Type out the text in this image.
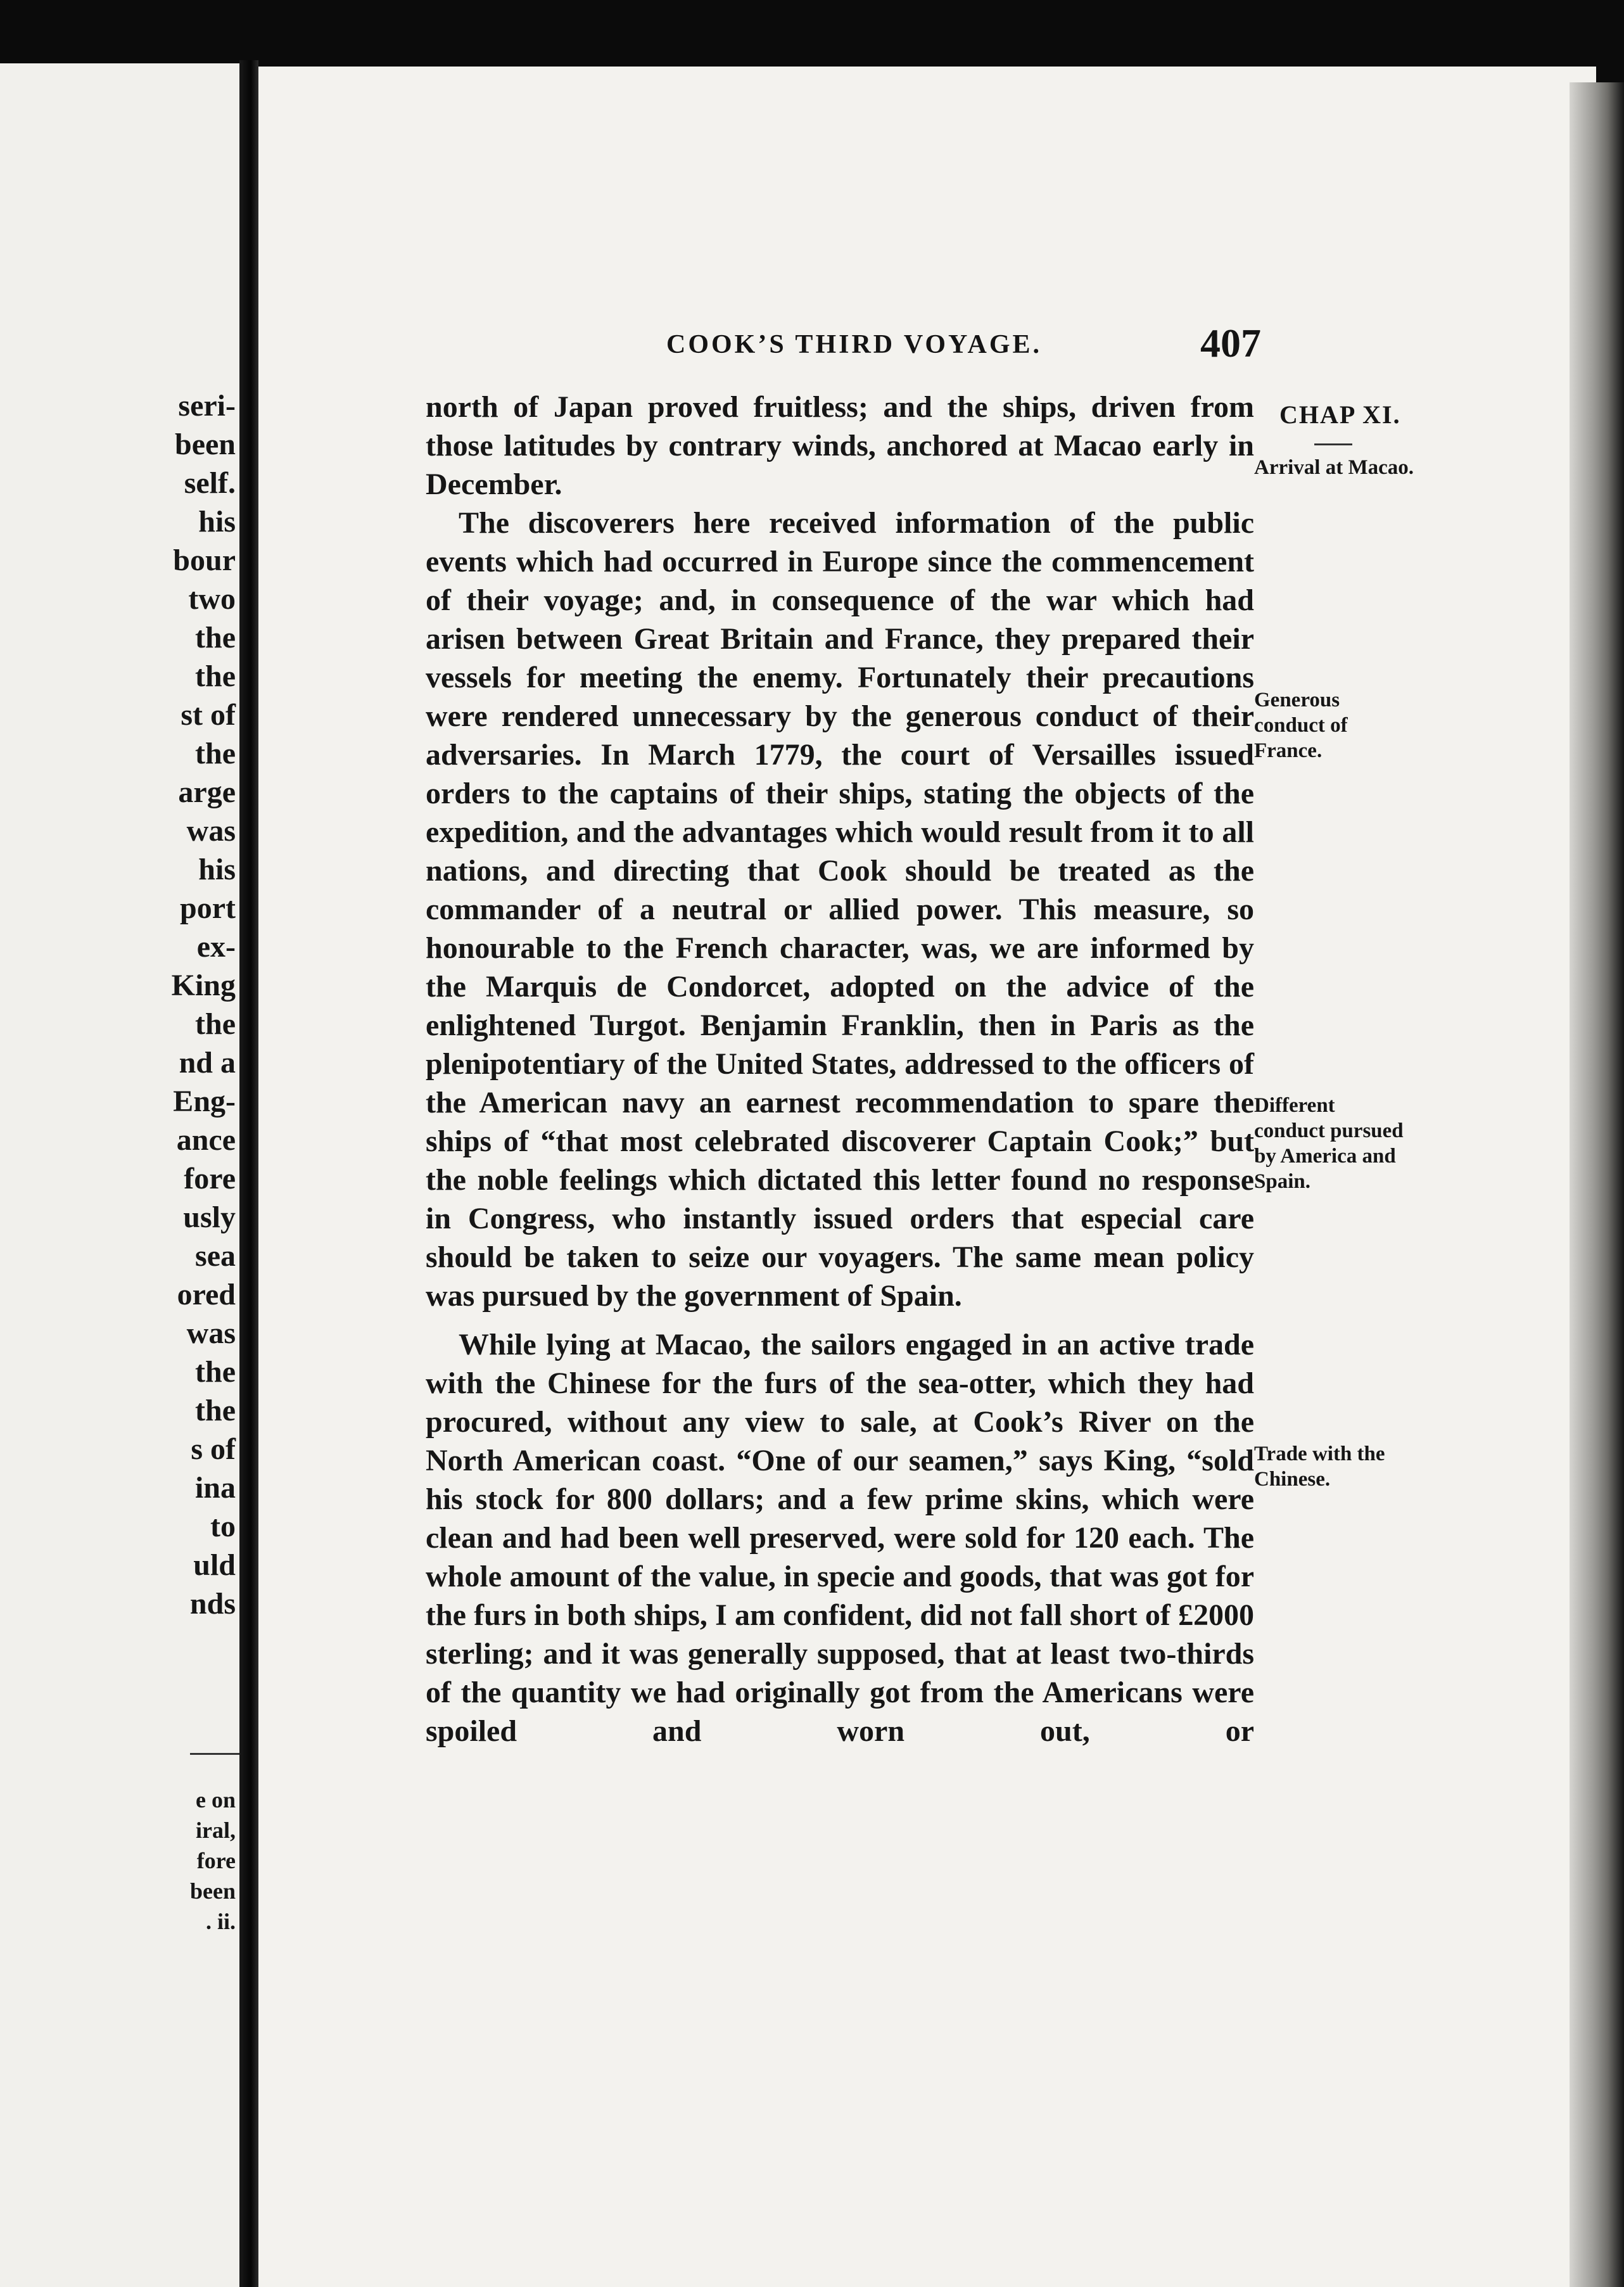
seri-
been
self.
his
bour
two
the
the
st of
the
arge
was
his
port
ex-
King
the
nd a
Eng-
ance
fore
usly
sea
ored
was
the
the
s of
ina
to
uld
nds
e on
iral,
fore
been
. ii.
COOK’S THIRD VOYAGE.	407
CHAP XI.
Arrival at Macao.
Generous conduct of France.
Different conduct pursued by America and Spain.
Trade with the Chinese.

north of Japan proved fruitless; and the ships, driven from those latitudes by contrary winds, anchored at Macao early in December.

The discoverers here received information of the public events which had occurred in Europe since the commencement of their voyage; and, in consequence of the war which had arisen between Great Britain and France, they prepared their vessels for meeting the enemy. Fortunately their precautions were rendered unnecessary by the generous conduct of their adversaries. In March 1779, the court of Versailles issued orders to the captains of their ships, stating the objects of the expedition, and the advantages which would result from it to all nations, and directing that Cook should be treated as the commander of a neutral or allied power. This measure, so honourable to the French character, was, we are informed by the Marquis de Condorcet, adopted on the advice of the enlightened Turgot. Benjamin Franklin, then in Paris as the plenipotentiary of the United States, addressed to the officers of the American navy an earnest recommendation to spare the ships of “that most celebrated discoverer Captain Cook;” but the noble feelings which dictated this letter found no response in Congress, who instantly issued orders that especial care should be taken to seize our voyagers. The same mean policy was pursued by the government of Spain.

While lying at Macao, the sailors engaged in an active trade with the Chinese for the furs of the sea-otter, which they had procured, without any view to sale, at Cook’s River on the North American coast. “One of our seamen,” says King, “sold his stock for 800 dollars; and a few prime skins, which were clean and had been well preserved, were sold for 120 each. The whole amount of the value, in specie and goods, that was got for the furs in both ships, I am confident, did not fall short of £2000 sterling; and it was generally supposed, that at least two-thirds of the quantity we had originally got from the Americans were spoiled and worn out, or
